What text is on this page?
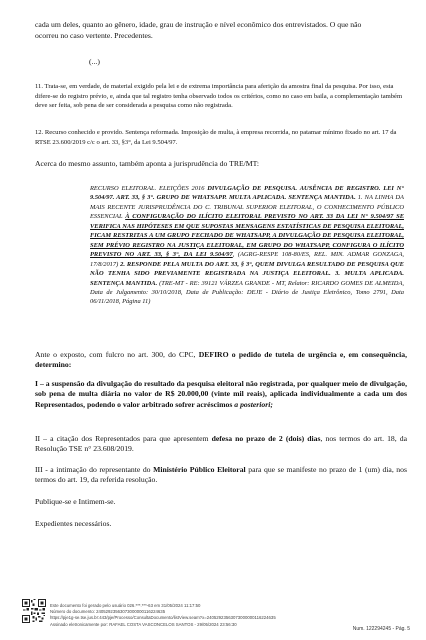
cada um deles, quanto ao gênero, idade, grau de instrução e nível econômico dos entrevistados. O que não

ocorreu no caso vertente. Precedentes.

(...)

11. Trata-se, em verdade, de material exigido pela lei e de extrema importância para aferição da amostra final da pesquisa. Por isso, esta difere-se do registro prévio, e, ainda que tal registro tenha observado todos os critérios, como no caso em baila, a complementação também deve ser feita, sob pena de ser considerada a pesquisa como não registrada.

12. Recurso conhecido e provido. Sentença reformada. Imposição de multa, à empresa recorrida, no patamar mínimo fixado no art. 17 da RTSE 23.600/2019 c/c o art. 33, §3°, da Lei 9.504/97.

Acerca do mesmo assunto, também aponta a jurisprudência do TRE/MT:

RECURSO ELEITORAL. ELEIÇÕES 2016 DIVULGAÇÃO DE PESQUISA. AUSÊNCIA DE REGISTRO. LEI N° 9.504/97. ART. 33, § 3°. GRUPO DE WHATSAPP. MULTA APLICADA. SENTENÇA MANTIDA. 1. NA LINHA DA MAIS RECENTE JURISPRUDÊNCIA DO C. TRIBUNAL SUPERIOR ELEITORAL, O CONHECIMENTO PÚBLICO ESSENCIAL À CONFIGURAÇÃO DO ILÍCITO ELEITORAL PREVISTO NO ART. 33 DA LEI N° 9.504/97 SE VERIFICA NAS HIPÓTESES EM QUE SUPOSTAS MENSAGENS ESTATÍSTICAS DE PESQUISA ELEITORAL, FICAM RESTRITAS A UM GRUPO FECHADO DE WHATSAPP, A DIVULGAÇÃO DE PESQUISA ELEITORAL, SEM PRÉVIO REGISTRO NA JUSTIÇA ELEITORAL, EM GRUPO DO WHATSAPP, CONFIGURA O ILÍCITO PREVISTO NO ART. 33, § 3°, DA LEI 9.504/97, (AGRG-RESPE 108-80/ES, REL. MIN. ADMAR GONZAGA, 17/8/2017) 2. RESPONDE PELA MULTA DO ART. 33, § 3°, QUEM DIVULGA RESULTADO DE PESQUISA QUE NÃO TENHA SIDO PREVIAMENTE REGISTRADA NA JUSTIÇA ELEITORAL. 3. MULTA APLICADA. SENTENÇA MANTIDA. (TRE-MT - RE: 39121 VÁRZEA GRANDE - MT, Relator: RICARDO GOMES DE ALMEIDA, Data de Julgamento: 30/10/2018, Data de Publicação: DEJE - Diário de Justiça Eletrônico, Tomo 2791, Data 06/11/2018, Página 11)

Ante o exposto, com fulcro no art. 300, do CPC, DEFIRO o pedido de tutela de urgência e, em consequência, determino:

I – a suspensão da divulgação do resultado da pesquisa eleitoral não registrada, por qualquer meio de divulgação, sob pena de multa diária no valor de R$ 20.000,00 (vinte mil reais), aplicada individualmente a cada um dos Representados, podendo o valor arbitrado sofrer acréscimos a posteriori;

II – a citação dos Representados para que apresentem defesa no prazo de 2 (dois) dias, nos termos do art. 18, da Resolução TSE n° 23.608/2019.

III - a intimação do representante do Ministério Público Eleitoral para que se manifeste no prazo de 1 (um) dia, nos termos do art. 19, da referida resolução.

Publique-se e Intimem-se.

Expedientes necessários.

Este documento foi gerado pelo usuário 026.***.***-63 em 31/05/2024 11:17:50
Número do documento: 24052923563073000000116224635
https://pje1g-se.tse.jus.br:443/pje/Processo/ConsultaDocumento/listView.seam?x=24052923563073000000116224635
Assinado eletronicamente por: RAFAEL COSTA VASCONCELOS SANTOS - 29/05/2024 23:56:30
Num. 122294245 - Pág. 5
